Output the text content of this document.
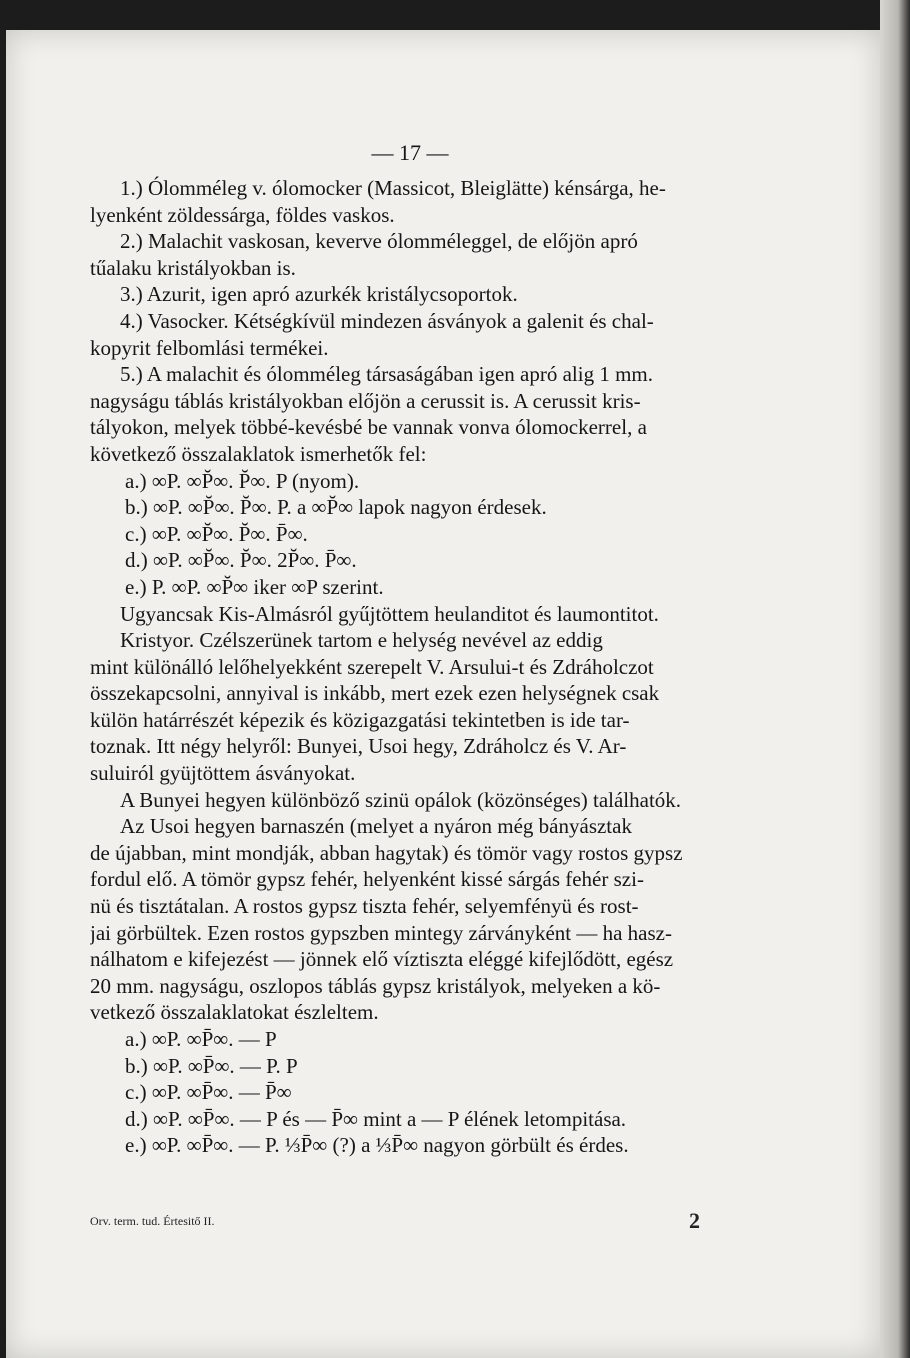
— 17 —
1.) Ólomméleg v. ólomocker (Massicot, Bleiglätte) kénsárga, he-
lyenként zöldessárga, földes vaskos.
2.) Malachit vaskosan, keverve ólomméleggel, de előjön apró
tűalaku kristályokban is.
3.) Azurit, igen apró azurkék kristálycsoportok.
4.) Vasocker. Kétségkívül mindezen ásványok a galenit és chal-
kopyrit felbomlási termékei.
5.) A malachit és ólomméleg társaságában igen apró alig 1 mm.
nagyságu táblás kristályokban előjön a cerussit is. A cerussit kris-
tályokon, melyek többé-kevésbé be vannak vonva ólomockerrel, a
következő összalaklatok ismerhetők fel:
a.) ∞P. ∞P̆∞. P̆∞. P (nyom).
b.) ∞P. ∞P̆∞. P̆∞. P. a ∞P̆∞ lapok nagyon érdesek.
c.) ∞P. ∞P̆∞. P̆∞. P̄∞.
d.) ∞P. ∞P̆∞. P̆∞. 2P̆∞. P̄∞.
e.) P. ∞P. ∞P̆∞ iker ∞P szerint.
Ugyancsak Kis-Almásról gyűjtöttem heulanditot és laumontitot.
Kristyor. Czélszerünek tartom e helység nevével az eddig
mint különálló lelőhelyekként szerepelt V. Arsului-t és Zdráholczot
összekapcsolni, annyival is inkább, mert ezek ezen helységnek csak
külön határrészét képezik és közigazgatási tekintetben is ide tar-
toznak. Itt négy helyről: Bunyei, Usoi hegy, Zdráholcz és V. Ar-
suluiról gyüjtöttem ásványokat.
A Bunyei hegyen különböző szinü opálok (közönséges) találhatók.
Az Usoi hegyen barnaszén (melyet a nyáron még bányásztak
de újabban, mint mondják, abban hagytak) és tömör vagy rostos gypsz
fordul elő. A tömör gypsz fehér, helyenként kissé sárgás fehér szi-
nü és tisztátalan. A rostos gypsz tiszta fehér, selyemfényü és rost-
jai görbültek. Ezen rostos gypszben mintegy zárványként — ha hasz-
nálhatom e kifejezést — jönnek elő víztiszta eléggé kifejlődött, egész
20 mm. nagyságu, oszlopos táblás gypsz kristályok, melyeken a kö-
vetkező összalaklatokat észleltem.
a.) ∞P. ∞P̄∞. — P
b.) ∞P. ∞P̄∞. — P. P
c.) ∞P. ∞P̄∞. — P̄∞
d.) ∞P. ∞P̄∞. — P és — P̄∞ mint a — P élének letompitása.
e.) ∞P. ∞P̄∞. — P. ⅓P̄∞ (?) a ⅓P̄∞ nagyon görbült és érdes.
Orv. term. tud. Értesitő II.	2
